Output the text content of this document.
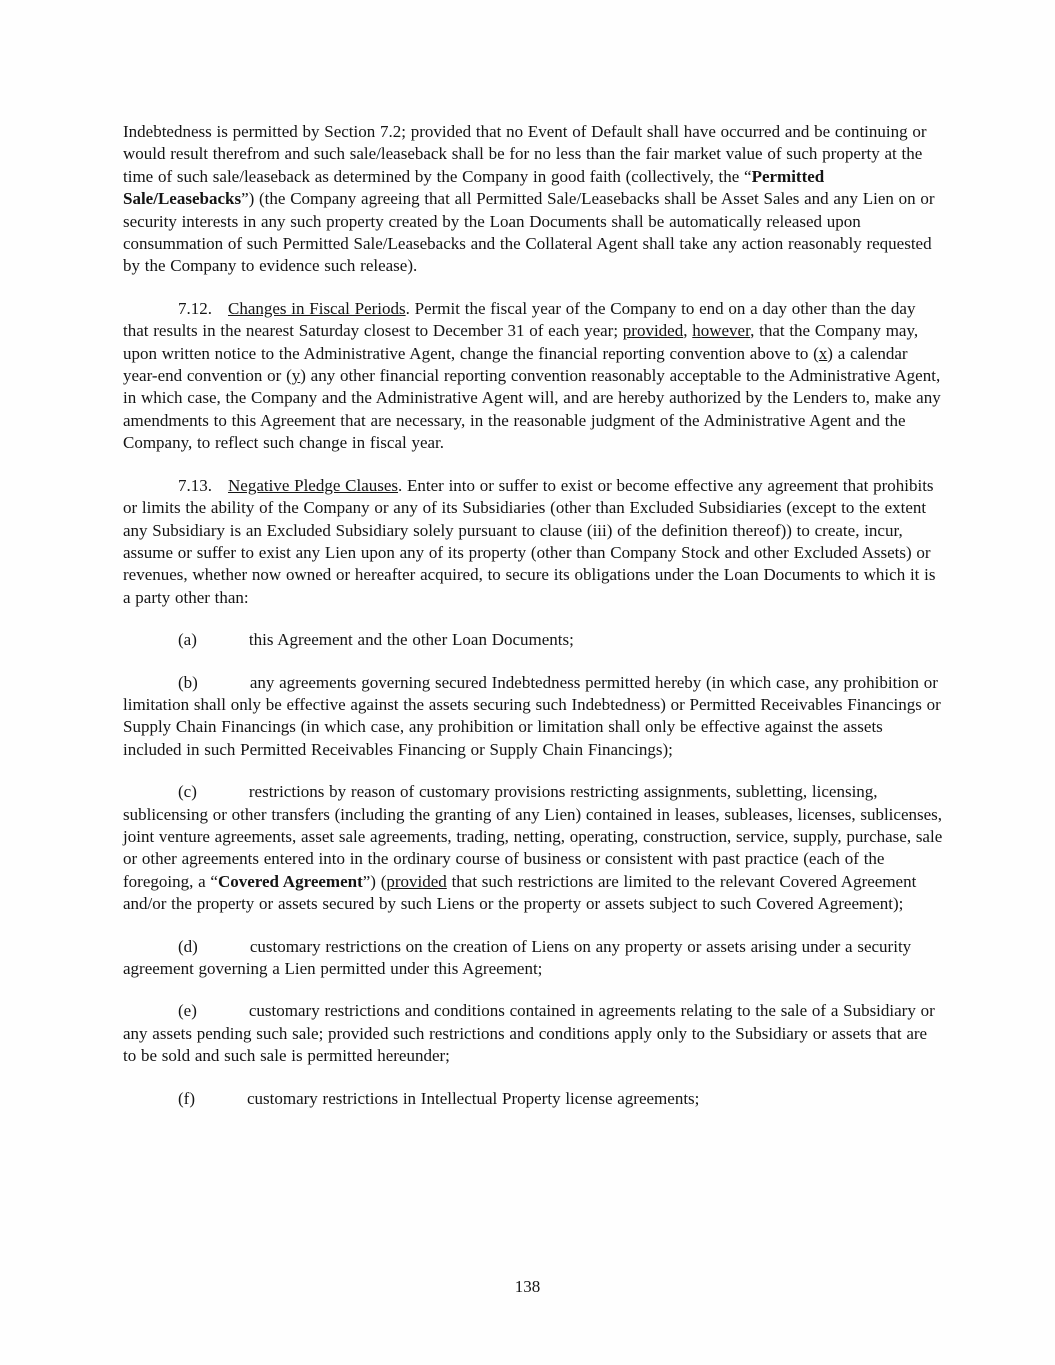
Indebtedness is permitted by Section 7.2; provided that no Event of Default shall have occurred and be continuing or would result therefrom and such sale/leaseback shall be for no less than the fair market value of such property at the time of such sale/leaseback as determined by the Company in good faith (collectively, the “Permitted Sale/Leasebacks”) (the Company agreeing that all Permitted Sale/Leasebacks shall be Asset Sales and any Lien on or security interests in any such property created by the Loan Documents shall be automatically released upon consummation of such Permitted Sale/Leasebacks and the Collateral Agent shall take any action reasonably requested by the Company to evidence such release).

7.12. Changes in Fiscal Periods. Permit the fiscal year of the Company to end on a day other than the day that results in the nearest Saturday closest to December 31 of each year; provided, however, that the Company may, upon written notice to the Administrative Agent, change the financial reporting convention above to (x) a calendar year-end convention or (y) any other financial reporting convention reasonably acceptable to the Administrative Agent, in which case, the Company and the Administrative Agent will, and are hereby authorized by the Lenders to, make any amendments to this Agreement that are necessary, in the reasonable judgment of the Administrative Agent and the Company, to reflect such change in fiscal year.

7.13. Negative Pledge Clauses. Enter into or suffer to exist or become effective any agreement that prohibits or limits the ability of the Company or any of its Subsidiaries (other than Excluded Subsidiaries (except to the extent any Subsidiary is an Excluded Subsidiary solely pursuant to clause (iii) of the definition thereof)) to create, incur, assume or suffer to exist any Lien upon any of its property (other than Company Stock and other Excluded Assets) or revenues, whether now owned or hereafter acquired, to secure its obligations under the Loan Documents to which it is a party other than:

(a)	this Agreement and the other Loan Documents;

(b)	any agreements governing secured Indebtedness permitted hereby (in which case, any prohibition or limitation shall only be effective against the assets securing such Indebtedness) or Permitted Receivables Financings or Supply Chain Financings (in which case, any prohibition or limitation shall only be effective against the assets included in such Permitted Receivables Financing or Supply Chain Financings);

(c)	restrictions by reason of customary provisions restricting assignments, subletting, licensing, sublicensing or other transfers (including the granting of any Lien) contained in leases, subleases, licenses, sublicenses, joint venture agreements, asset sale agreements, trading, netting, operating, construction, service, supply, purchase, sale or other agreements entered into in the ordinary course of business or consistent with past practice (each of the foregoing, a “Covered Agreement”) (provided that such restrictions are limited to the relevant Covered Agreement and/or the property or assets secured by such Liens or the property or assets subject to such Covered Agreement);

(d)	customary restrictions on the creation of Liens on any property or assets arising under a security agreement governing a Lien permitted under this Agreement;

(e)	customary restrictions and conditions contained in agreements relating to the sale of a Subsidiary or any assets pending such sale; provided such restrictions and conditions apply only to the Subsidiary or assets that are to be sold and such sale is permitted hereunder;

(f)	customary restrictions in Intellectual Property license agreements;

138
